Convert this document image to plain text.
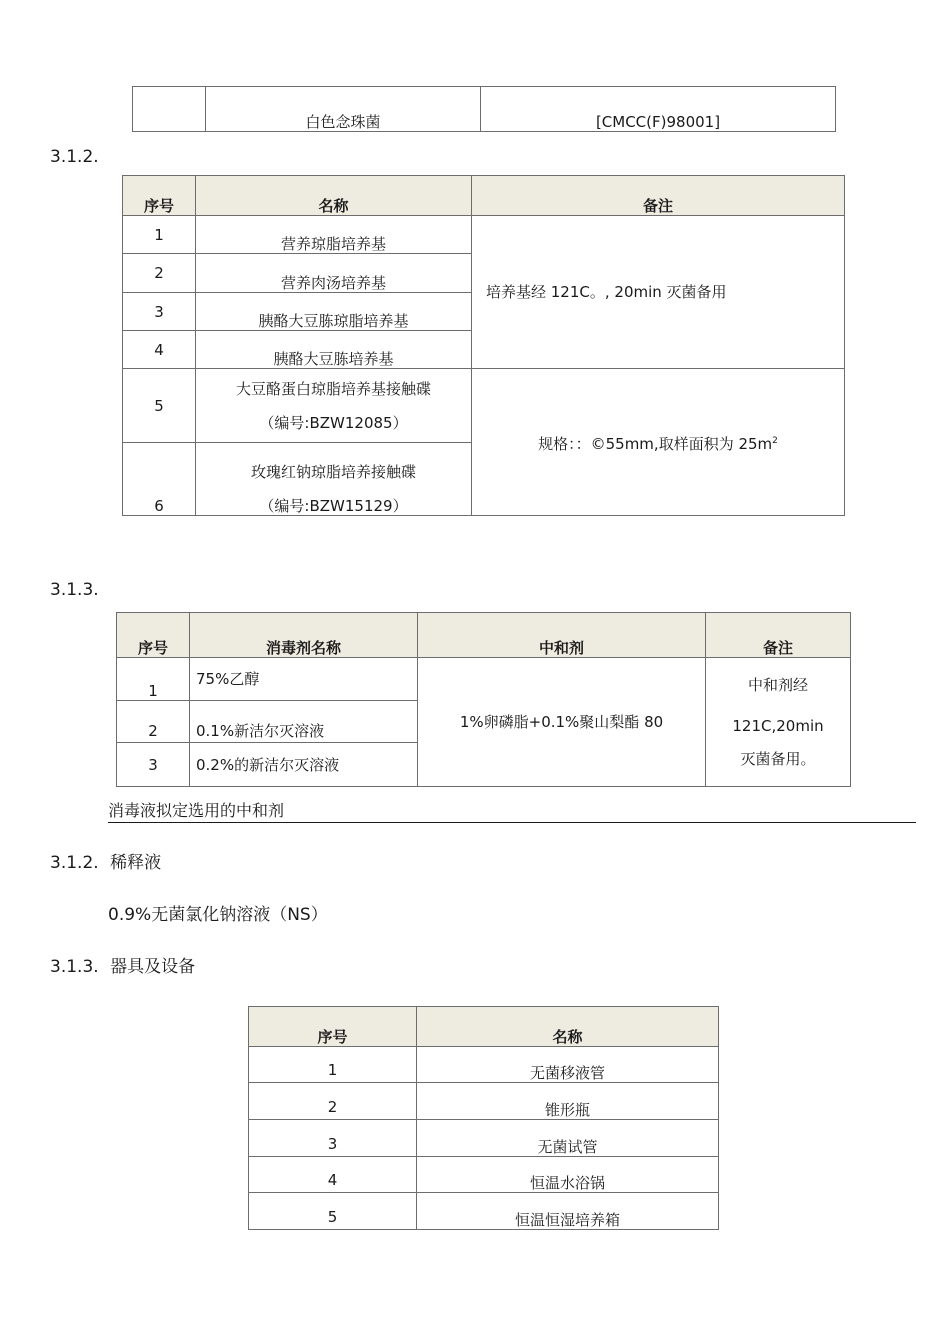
	白色念珠菌	[CMCC(F)98001]
3.1.2.
序号	名称	备注
1	营养琼脂培养基	培养基经 121C。, 20min 灭菌备用
2	营养肉汤培养基	
3	胰酪大豆胨琼脂培养基	
4	胰酪大豆胨培养基	
5	大豆酪蛋白琼脂培养基接触碟
（编号:BZW12085）	规格：：©55mm,取样面积为 $25m^2$
6	玫瑰红钠琼脂培养接触碟
（编号:BZW15129）	
3.1.3.
序号	消毒剂名称	中和剂	备注
1	75%乙醇	1%卵磷脂+0.1%聚山梨酯 80	中和剂经
121C,20min
灭菌备用。

2	0.1%新洁尔灭溶液		
3	0.2%的新洁尔灭溶液		
消毒液拟定选用的中和剂
3.1.2. 稀释液
0.9%无菌氯化钠溶液（NS）
3.1.3. 器具及设备
序号	名称
1	无菌移液管
2	锥形瓶
3	无菌试管
4	恒温水浴锅
5	恒温恒湿培养箱
